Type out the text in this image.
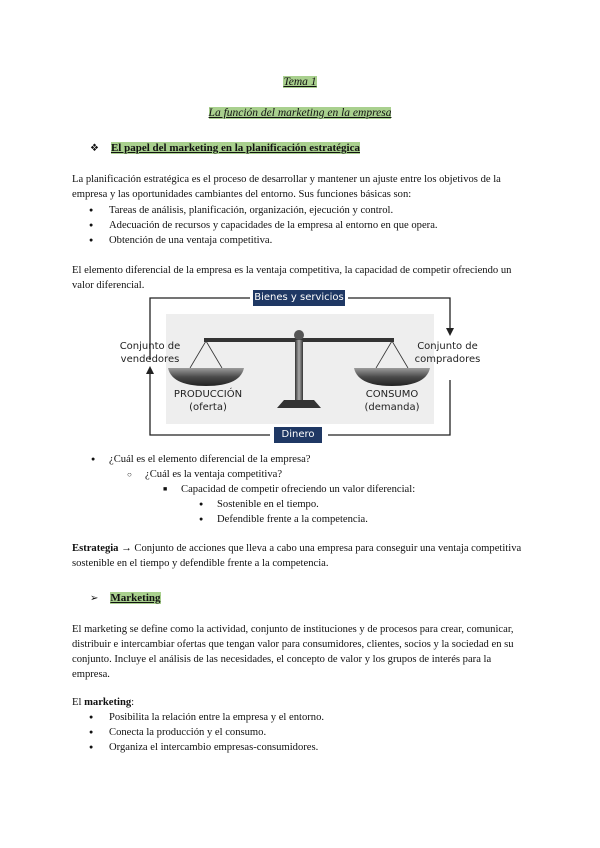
Tema 1
La función del marketing en la empresa
❖ El papel del marketing en la planificación estratégica
La planificación estratégica es el proceso de desarrollar y mantener un ajuste entre los objetivos de la empresa y las oportunidades cambiantes del entorno. Sus funciones básicas son:
● Tareas de análisis, planificación, organización, ejecución y control.
● Adecuación de recursos y capacidades de la empresa al entorno en que opera.
● Obtención de una ventaja competitiva.
El elemento diferencial de la empresa es la ventaja competitiva, la capacidad de competir ofreciendo un valor diferencial.
Bienes y servicios
Dinero
Conjunto de
vendedores
Conjunto de
compradores
PRODUCCIÓN
(oferta)
CONSUMO
(demanda)
● ¿Cuál es el elemento diferencial de la empresa?
○ ¿Cuál es la ventaja competitiva?
■ Capacidad de competir ofreciendo un valor diferencial:
● Sostenible en el tiempo.
● Defendible frente a la competencia.
Estrategia → Conjunto de acciones que lleva a cabo una empresa para conseguir una ventaja competitiva sostenible en el tiempo y defendible frente a la competencia.
➢ Marketing
El marketing se define como la actividad, conjunto de instituciones y de procesos para crear, comunicar, distribuir e intercambiar ofertas que tengan valor para consumidores, clientes, socios y la sociedad en su conjunto. Incluye el análisis de las necesidades, el concepto de valor y los grupos de interés para la empresa.
El marketing:
● Posibilita la relación entre la empresa y el entorno.
● Conecta la producción y el consumo.
● Organiza el intercambio empresas-consumidores.
